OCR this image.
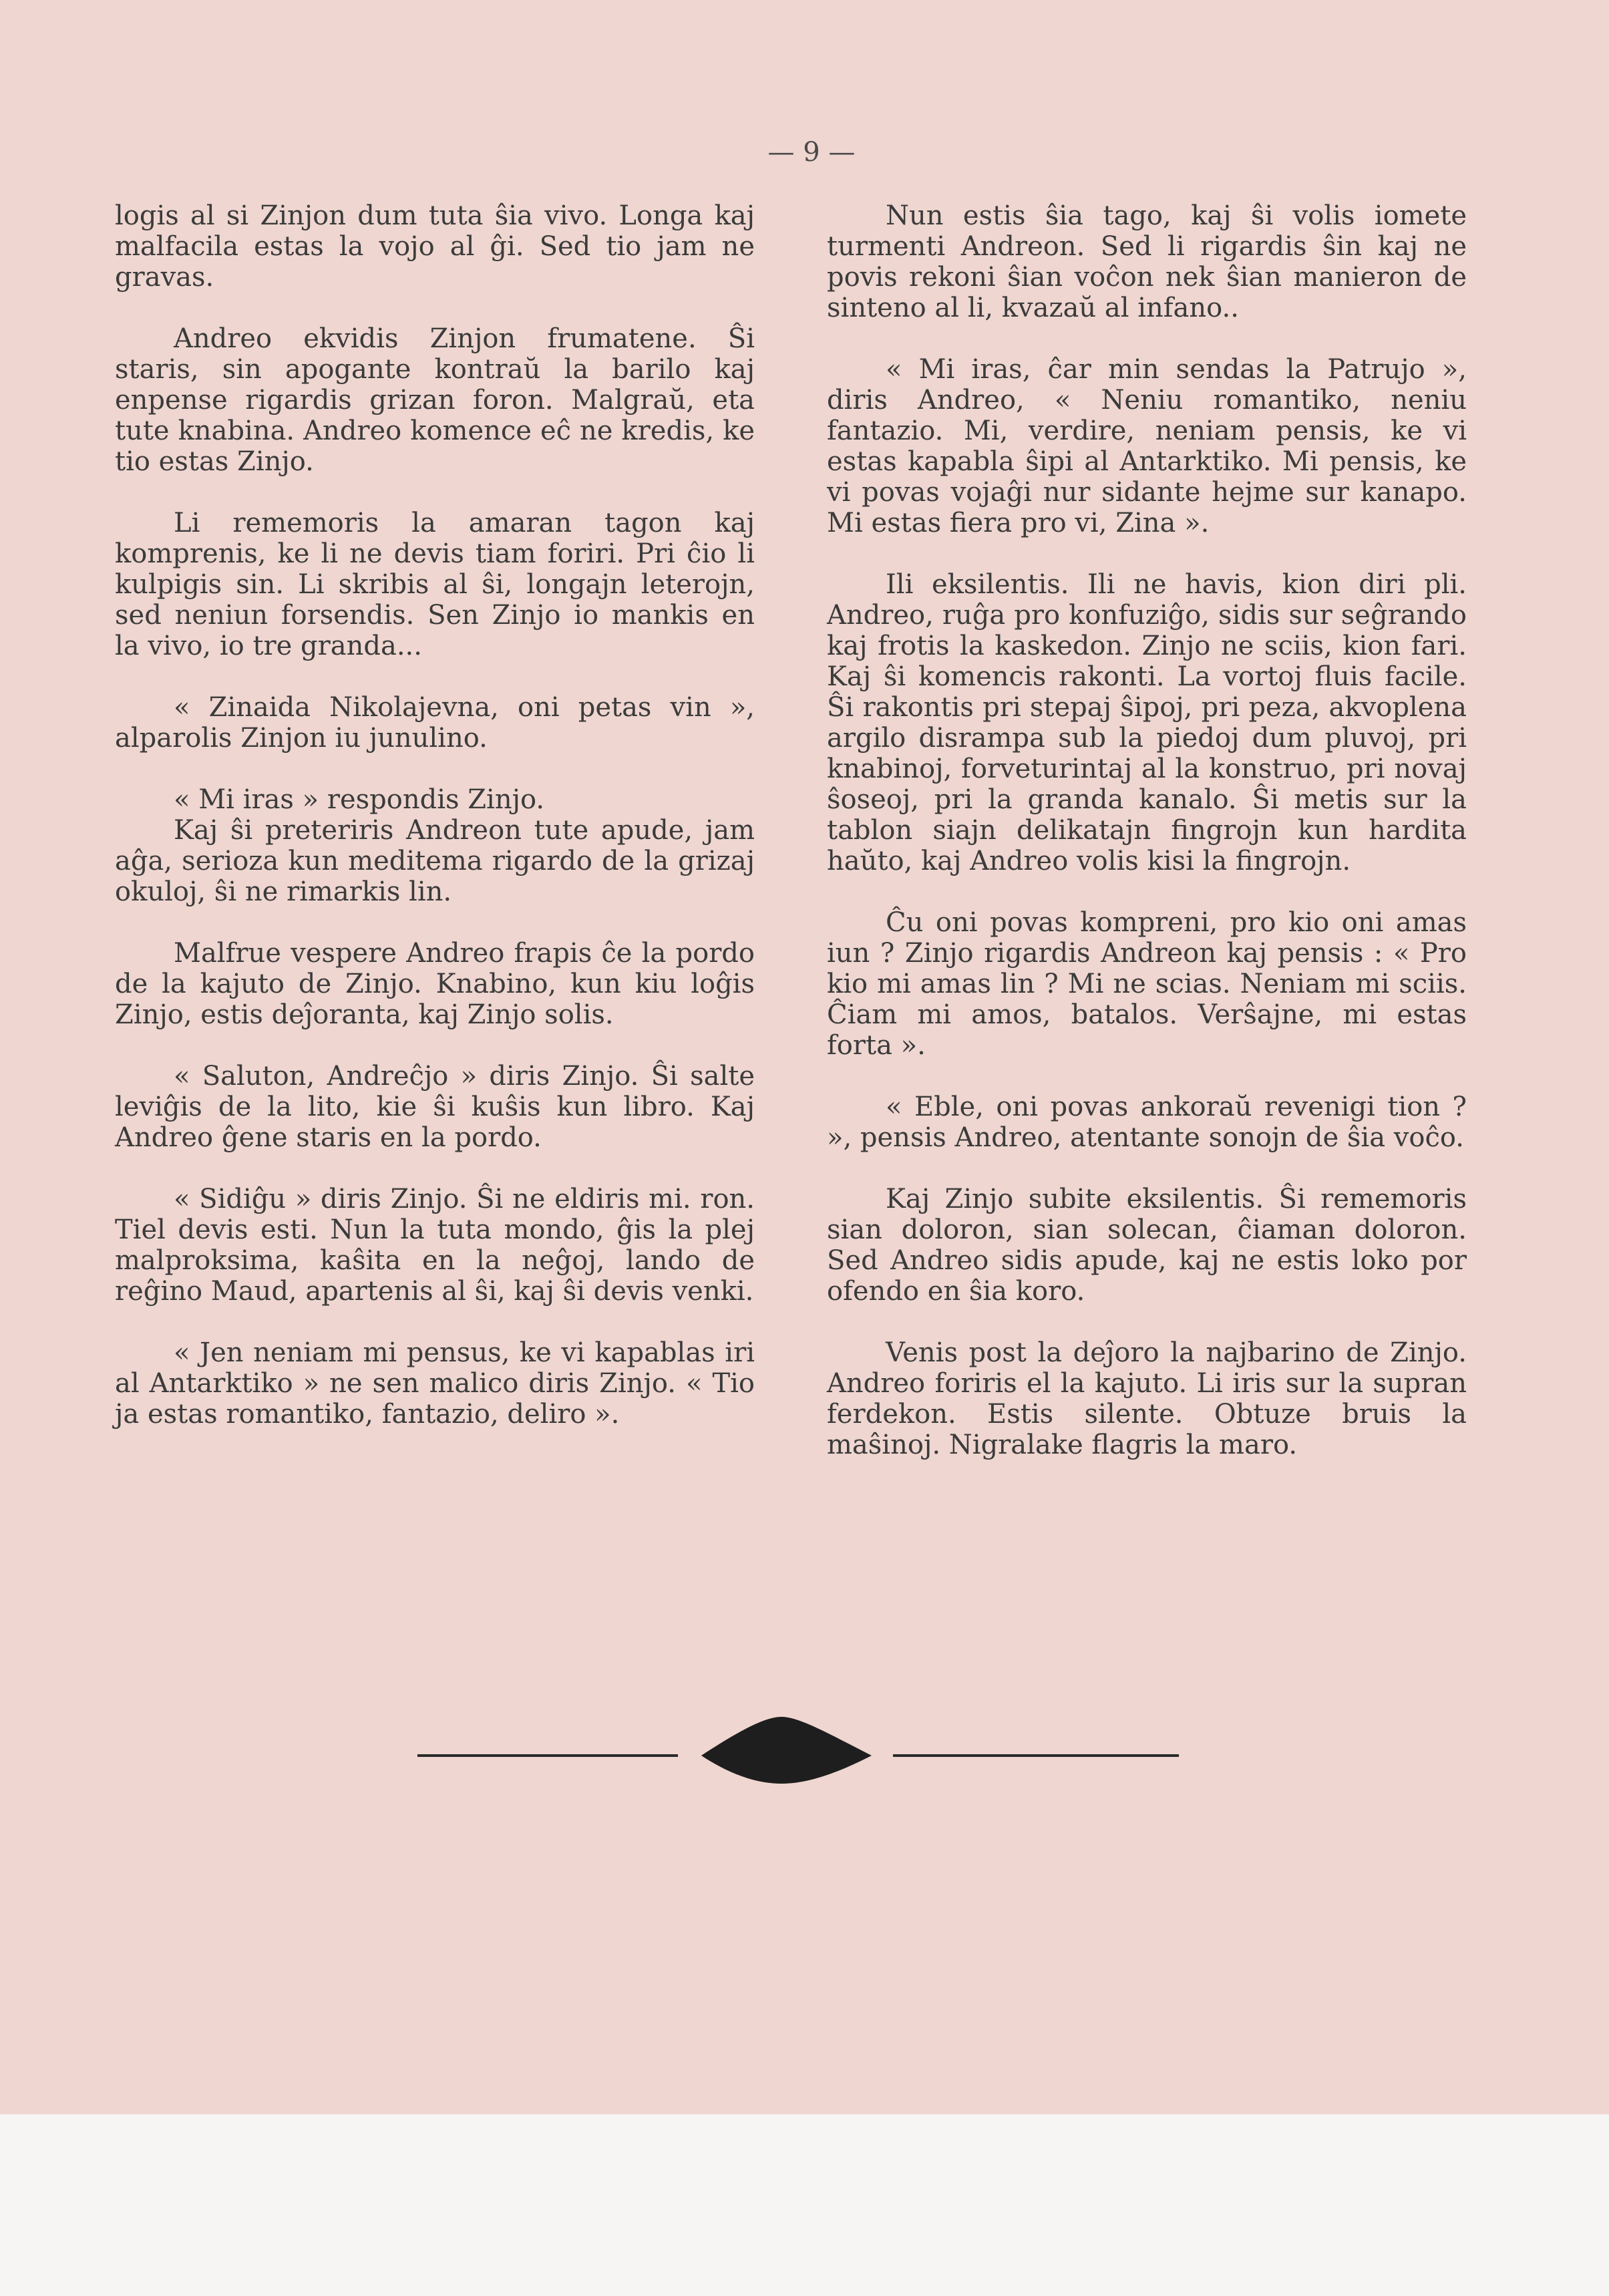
— 9 —

logis al si Zinjon dum tuta ŝia vivo. Longa kaj malfacila estas la vojo al ĝi. Sed tio jam ne gravas.

Andreo ekvidis Zinjon frumatene. Ŝi staris, sin apogante kontraŭ la barilo kaj enpense rigardis grizan foron. Malgraŭ, eta tute knabina. Andreo komence eĉ ne kredis, ke tio estas Zinjo.

Li rememoris la amaran tagon kaj komprenis, ke li ne devis tiam foriri. Pri ĉio li kulpigis sin. Li skribis al ŝi, longajn leterojn, sed neniun forsendis. Sen Zinjo io mankis en la vivo, io tre granda...

« Zinaida Nikolajevna, oni petas vin », alparolis Zinjon iu junulino.

« Mi iras » respondis Zinjo.

Kaj ŝi preteriris Andreon tute apude, jam aĝa, serioza kun meditema rigardo de la grizaj okuloj, ŝi ne rimarkis lin.

Malfrue vespere Andreo frapis ĉe la pordo de la kajuto de Zinjo. Knabino, kun kiu loĝis Zinjo, estis deĵoranta, kaj Zinjo solis.

« Saluton, Andreĉjo » diris Zinjo. Ŝi salte leviĝis de la lito, kie ŝi kuŝis kun libro. Kaj Andreo ĝene staris en la pordo.

« Sidiĝu » diris Zinjo. Ŝi ne eldiris mi. ron. Tiel devis esti. Nun la tuta mondo, ĝis la plej malproksima, kaŝita en la neĝoj, lando de reĝino Maud, apartenis al ŝi, kaj ŝi devis venki.

« Jen neniam mi pensus, ke vi kapablas iri al Antarktiko » ne sen malico diris Zinjo. « Tio ja estas romantiko, fantazio, deliro ».

Nun estis ŝia tago, kaj ŝi volis iomete turmenti Andreon. Sed li rigardis ŝin kaj ne povis rekoni ŝian voĉon nek ŝian manieron de sinteno al li, kvazaŭ al infano..

« Mi iras, ĉar min sendas la Patrujo », diris Andreo, « Neniu romantiko, neniu fantazio. Mi, verdire, neniam pensis, ke vi estas kapabla ŝipi al Antarktiko. Mi pensis, ke vi povas vojaĝi nur sidante hejme sur kanapo. Mi estas fiera pro vi, Zina ».

Ili eksilentis. Ili ne havis, kion diri pli. Andreo, ruĝa pro konfuziĝo, sidis sur seĝrando kaj frotis la kaskedon. Zinjo ne sciis, kion fari. Kaj ŝi komencis rakonti. La vortoj fluis facile. Ŝi rakontis pri stepaj ŝipoj, pri peza, akvoplena argilo disrampa sub la piedoj dum pluvoj, pri knabinoj, forveturintaj al la konstruo, pri novaj ŝoseoj, pri la granda kanalo. Ŝi metis sur la tablon siajn delikatajn fingrojn kun hardita haŭto, kaj Andreo volis kisi la fingrojn.

Ĉu oni povas kompreni, pro kio oni amas iun ? Zinjo rigardis Andreon kaj pensis : « Pro kio mi amas lin ? Mi ne scias. Neniam mi sciis. Ĉiam mi amos, batalos. Verŝajne, mi estas forta ».

« Eble, oni povas ankoraŭ revenigi tion ? », pensis Andreo, atentante sonojn de ŝia voĉo.

Kaj Zinjo subite eksilentis. Ŝi rememoris sian doloron, sian solecan, ĉiaman doloron. Sed Andreo sidis apude, kaj ne estis loko por ofendo en ŝia koro.

Venis post la deĵoro la najbarino de Zinjo. Andreo foriris el la kajuto. Li iris sur la supran ferdekon. Estis silente. Obtuze bruis la maŝinoj. Nigralake flagris la maro.
